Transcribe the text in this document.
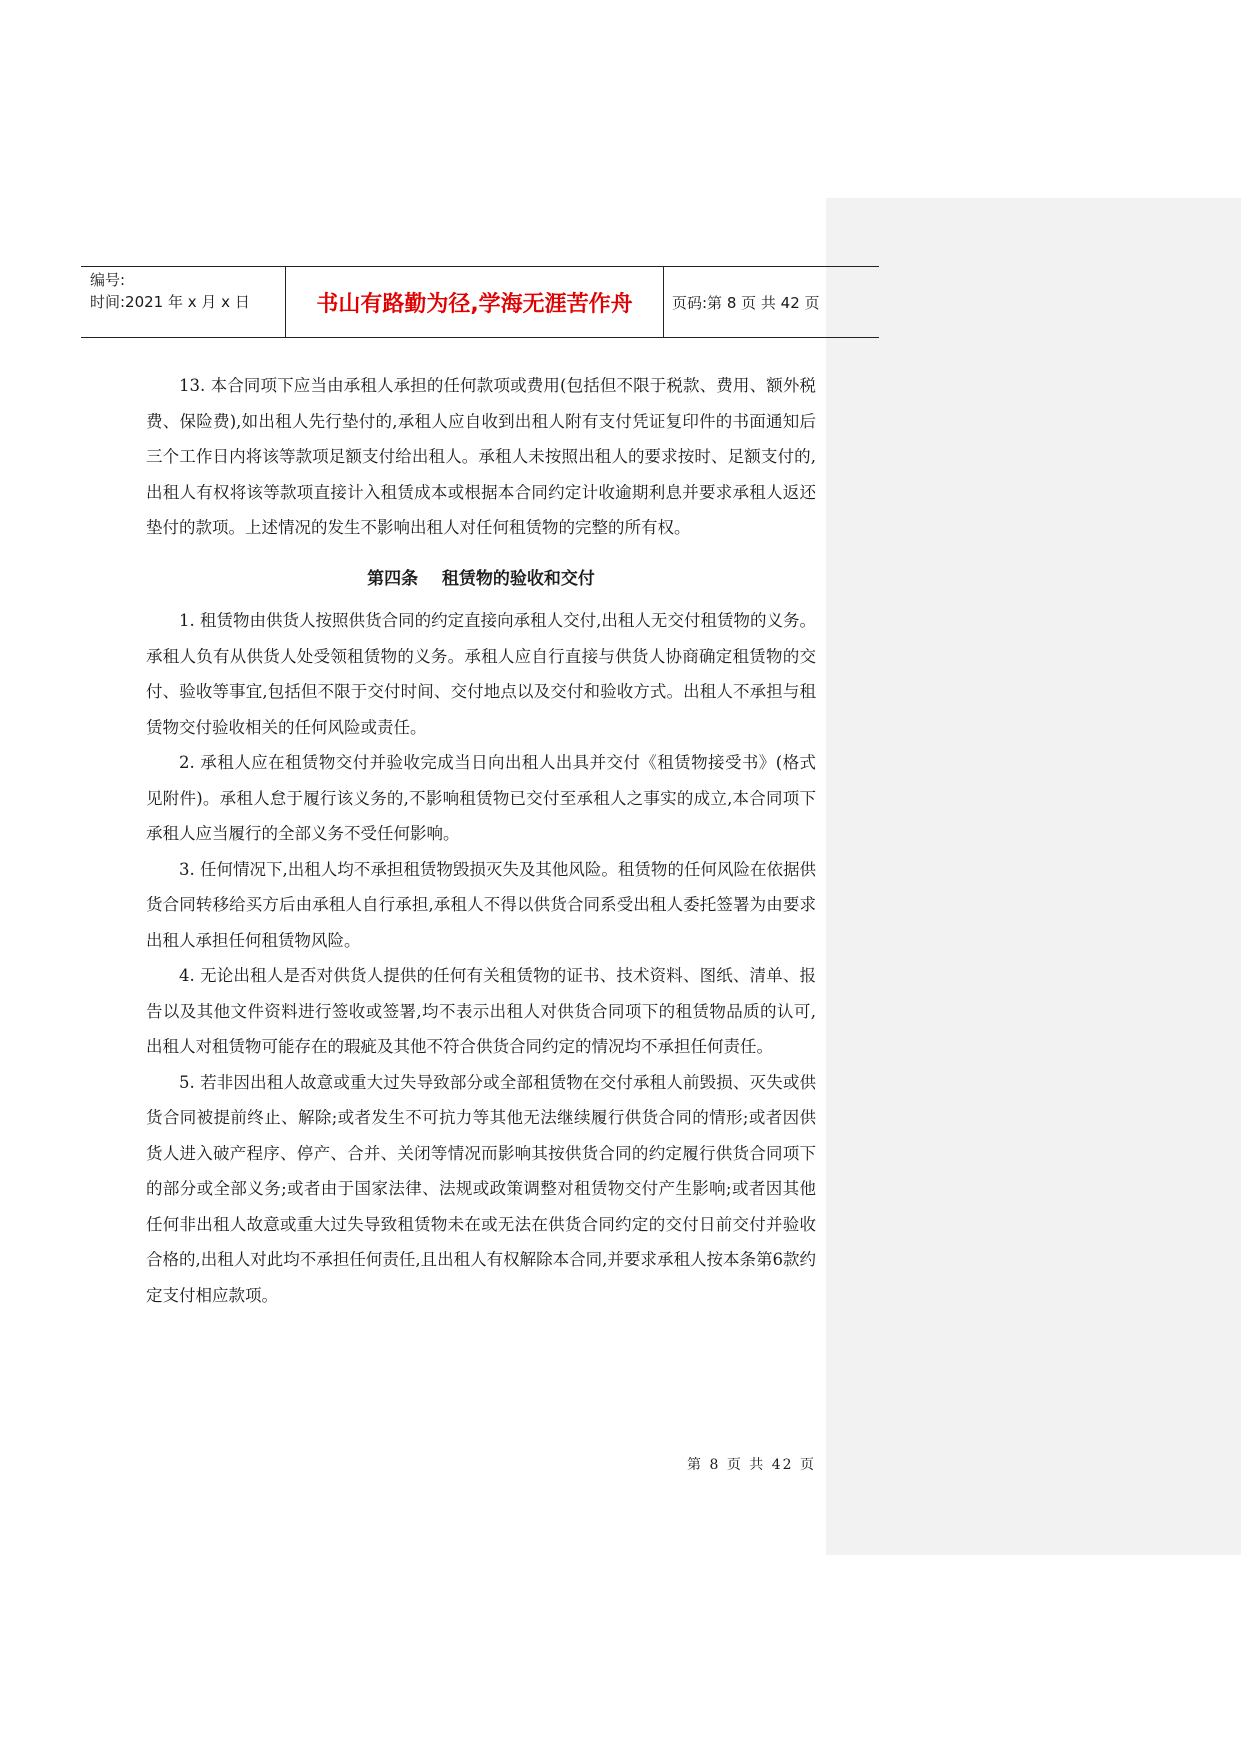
编号:
时间:2021 年 x 月 x 日	书山有路勤为径,学海无涯苦作舟	页码:第 8 页 共 42 页

13. 本合同项下应当由承租人承担的任何款项或费用(包括但不限于税款、费用、额外税费、保险费),如出租人先行垫付的,承租人应自收到出租人附有支付凭证复印件的书面通知后三个工作日内将该等款项足额支付给出租人。承租人未按照出租人的要求按时、足额支付的,出租人有权将该等款项直接计入租赁成本或根据本合同约定计收逾期利息并要求承租人返还垫付的款项。上述情况的发生不影响出租人对任何租赁物的完整的所有权。

第四条    租赁物的验收和交付

1. 租赁物由供货人按照供货合同的约定直接向承租人交付,出租人无交付租赁物的义务。承租人负有从供货人处受领租赁物的义务。承租人应自行直接与供货人协商确定租赁物的交付、验收等事宜,包括但不限于交付时间、交付地点以及交付和验收方式。出租人不承担与租赁物交付验收相关的任何风险或责任。

2. 承租人应在租赁物交付并验收完成当日向出租人出具并交付《租赁物接受书》(格式见附件)。承租人怠于履行该义务的,不影响租赁物已交付至承租人之事实的成立,本合同项下承租人应当履行的全部义务不受任何影响。

3. 任何情况下,出租人均不承担租赁物毁损灭失及其他风险。租赁物的任何风险在依据供货合同转移给买方后由承租人自行承担,承租人不得以供货合同系受出租人委托签署为由要求出租人承担任何租赁物风险。

4. 无论出租人是否对供货人提供的任何有关租赁物的证书、技术资料、图纸、清单、报告以及其他文件资料进行签收或签署,均不表示出租人对供货合同项下的租赁物品质的认可,出租人对租赁物可能存在的瑕疵及其他不符合供货合同约定的情况均不承担任何责任。

5. 若非因出租人故意或重大过失导致部分或全部租赁物在交付承租人前毁损、灭失或供货合同被提前终止、解除;或者发生不可抗力等其他无法继续履行供货合同的情形;或者因供货人进入破产程序、停产、合并、关闭等情况而影响其按供货合同的约定履行供货合同项下的部分或全部义务;或者由于国家法律、法规或政策调整对租赁物交付产生影响;或者因其他任何非出租人故意或重大过失导致租赁物未在或无法在供货合同约定的交付日前交付并验收合格的,出租人对此均不承担任何责任,且出租人有权解除本合同,并要求承租人按本条第6款约定支付相应款项。

第 8 页 共 42 页
